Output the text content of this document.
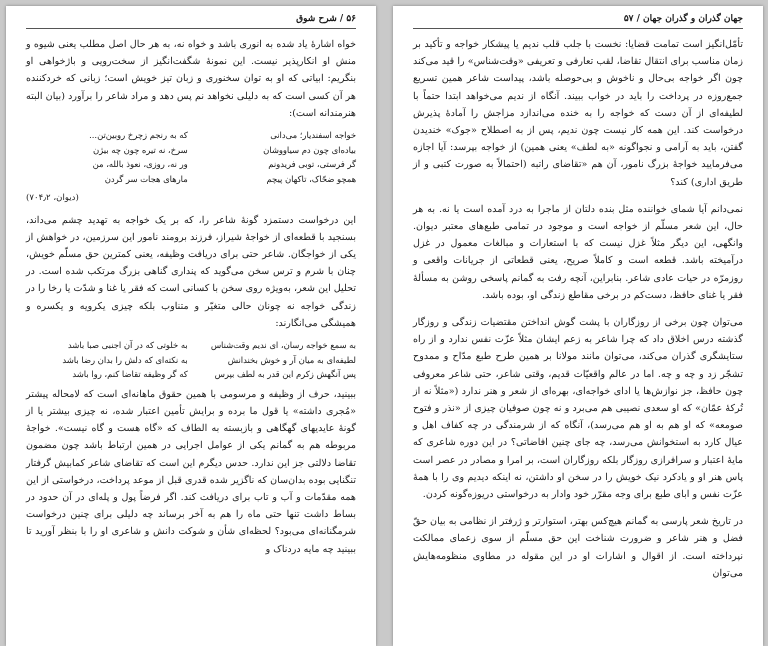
جهان گذران و گذران جهان / ۵۷

تأمّل‌انگیز است تمامت قضایا: نخست با جلب قلب ندیم یا پیشکار خواجه و تأکید بر زمان مناسب برای انتقال تقاضا، لقب تعارفی و تعریفی «وقت‌شناس» را قید می‌کند چون اگر خواجه بی‌حال و ناخوش و بی‌حوصله باشد، پیداست شاعر همین تسریع جمع‌روزه در پرداخت را باید در خواب ببیند. آنگاه از ندیم می‌خواهد ابتدا حتماً با لطیفه‌ای از آن دست که خواجه را به خنده می‌اندازد مزاجش را آمادهٔ پذیرش درخواست کند. این همه کار نیست چون ندیم، پس از به اصطلاح «جوک» خندیدن گفتن، باید به آرامی و نجواگونه «به لطف» یعنی همین) از خواجه بپرسد: آیا اجازه می‌فرمایید خواجهٔ بزرگ نامور، آن هم «تقاضای راتبه (احتمالاً به صورت کتبی و از طریق اداری) کند؟

نمی‌دانم آیا شمای خواننده مثل بنده دلتان از ماجرا به درد آمده است یا نه. به هر حال، این شعر مسلّم از خواجه است و موجود در تمامی طبع‌های معتبر دیوان. وانگهی، این دیگر مثلاً غزل نیست که با استعارات و مبالغات معمول در غزل درآمیخته باشد. قطعه است و کاملاً صریح، یعنی قطعاتی از جریانات واقعی و روزمرّه در حیات عادی شاعر. بنابراین، آنچه رفت به گمانم پاسخی روشن به مسألهٔ فقر یا غنای حافظ، دست‌کم در برخی مقاطع زندگی او، بوده باشد.

می‌توان چون برخی از روزگاران با پشت گوش انداختن مقتضیات زندگی و روزگار گذشته درس اخلاق داد که چرا شاعر به زعم ایشان مثلاً عزّت نفس ندارد و از راه ستایشگری گذران می‌کند، می‌توان مانند مولانا بر همین طرح طبع مدّاح و ممدوح تشجّر زد و چه و چه. اما در عالم واقعیّات قدیم، وقتی شاعر، حتی شاعر معروفی چون حافظ، جز نوازش‌ها یا ادای خواجه‌ای، بهره‌ای از شعر و هنر ندارد («مثلاً نه از تُرکهٔ عمّان» که او سعدی نصیبی هم می‌برد و نه چون صوفیان چیزی از «نذر و فتوح صومعه» که او هم به او هم می‌رسد)، آنگاه که از شرمندگی در چه کفاف اهل و عیال کارد به استخوانش می‌رسد، چه جای چنین افاضاتی؟ در این دوره شاعری که مایهٔ اعتبار و سرافرازی روزگار بلکه روزگاران است، بر امرا و مصادر در عصر است پاس هنر او و یادکرد نیک خویش را در سخن او داشتن، نه اینکه دیدیم وی را با همهٔ عزّت نفس و ابای طبع برای وجه مقرّر خود وادار به درخواستی دریوزه‌گونه کردن.

در تاریخ شعر پارسی به گمانم هیچ‌کس بهتر، استوارتر و ژرفتر از نظامی به بیان حقّ فضل و هنر شاعر و ضرورت شناخت این حق مسلّم از سوی زعمای ممالکت نپرداخته است. از اقوال و اشارات او در این مقوله در مطاوی منظومه‌هایش می‌توان

۵۶ / شرح شوق

خواه اشارهٔ یاد شده به انوری باشد و خواه نه، به هر حال اصل مطلب یعنی شیوه و منش او انکارپذیر نیست. این نمونهٔ شگفت‌انگیز از سخت‌رویی و باژخواهی او بنگریم: ابیاتی که او به توان سخنوری و زبان تیز خویش است؛ زبانی که خردکننده هر آن کسی است که به دلیلی نخواهد نم پس دهد و مراد شاعر را برآورد (بیان البته هنرمندانه است):

خواجه اسفندیار؛ می‌دانی
که به رنجم زچرخ روبین‌تن...
بیاده‌ای چون دم سیاووشان
سرخ، نه تیره چون چه بیژن
گر فرستی، توبی فریدونم
ور نه، روزی، نعوذ بالله، من
همچو ضحّاک، تاکهان پیچم
مارهای هجات سر گردن
(دیوان، ۷۰۴٫۲)

این درخواست دستمزد گونهٔ شاعر را، که بر یک خواجه به تهدید چشم می‌داند، بسنجید با قطعه‌ای از خواجهٔ شیراز، فرزند برومند نامور این سرزمین، در خواهش از یکی از خواجگان. شاعر حتی برای دریافت وظیفه، یعنی کمترین حق مسلّم خویش، چنان با شرم و ترس سخن می‌گوید که پنداری گناهی بزرگ مرتکب شده است. در تحلیل این شعر، به‌ویژه روی سخن با کسانی است که فقر یا غنا و شدّت یا رخا را در زندگی خواجه نه چونان حالی متغیّر و متناوب بلکه چیزی یکرویه و یکسره و همیشگی می‌انگارند:

به سمع خواجه رسان، ای ندیم وقت‌شناس
به خلوتی که در آن اجنبی صبا باشد
لطیفه‌ای به میان آر و خوش بخندانش
به نکته‌ای که دلش را بدان رضا باشد
پس آنگهش زکرم این قدر به لطف بپرس
که گر وظیفه تقاضا کنم، روا باشد

ببینید، حرف از وظیفه و مرسومی با همین حقوق ماهانه‌ای است که لامحاله پیشتر «مُجری داشته» یا قول ما برده و برایش تأمین اعتبار شده، نه چیزی بیشتر یا از گونهٔ عایدیهای گهگاهی و بازبسته به الطاف که «گاه هست و گاه نیست». خواجهٔ مربوطه هم به گمانم یکی از عوامل اجرایی در همین ارتباط باشد چون مضمون تقاضا دلالتی جز این ندارد. حدس دیگرم این است که تقاضای شاعر کمابیش گرفتار تنگنایی بوده بدان‌سان که ناگزیر شده قدری قبل از موعد پرداخت، درخواستی از این همه مقدّمات و آب و تاب برای دریافت کند. اگر فرضاً پول و پله‌ای در آن حدود در بساط داشت تنها حتی ماه را هم به آخر برساند چه دلیلی برای چنین درخواست شرمگنانه‌ای می‌بود؟ لحظه‌ای شأن و شوکت دانش و شاعری او را با بنظر آورید تا ببینید چه مایه دردناک و
